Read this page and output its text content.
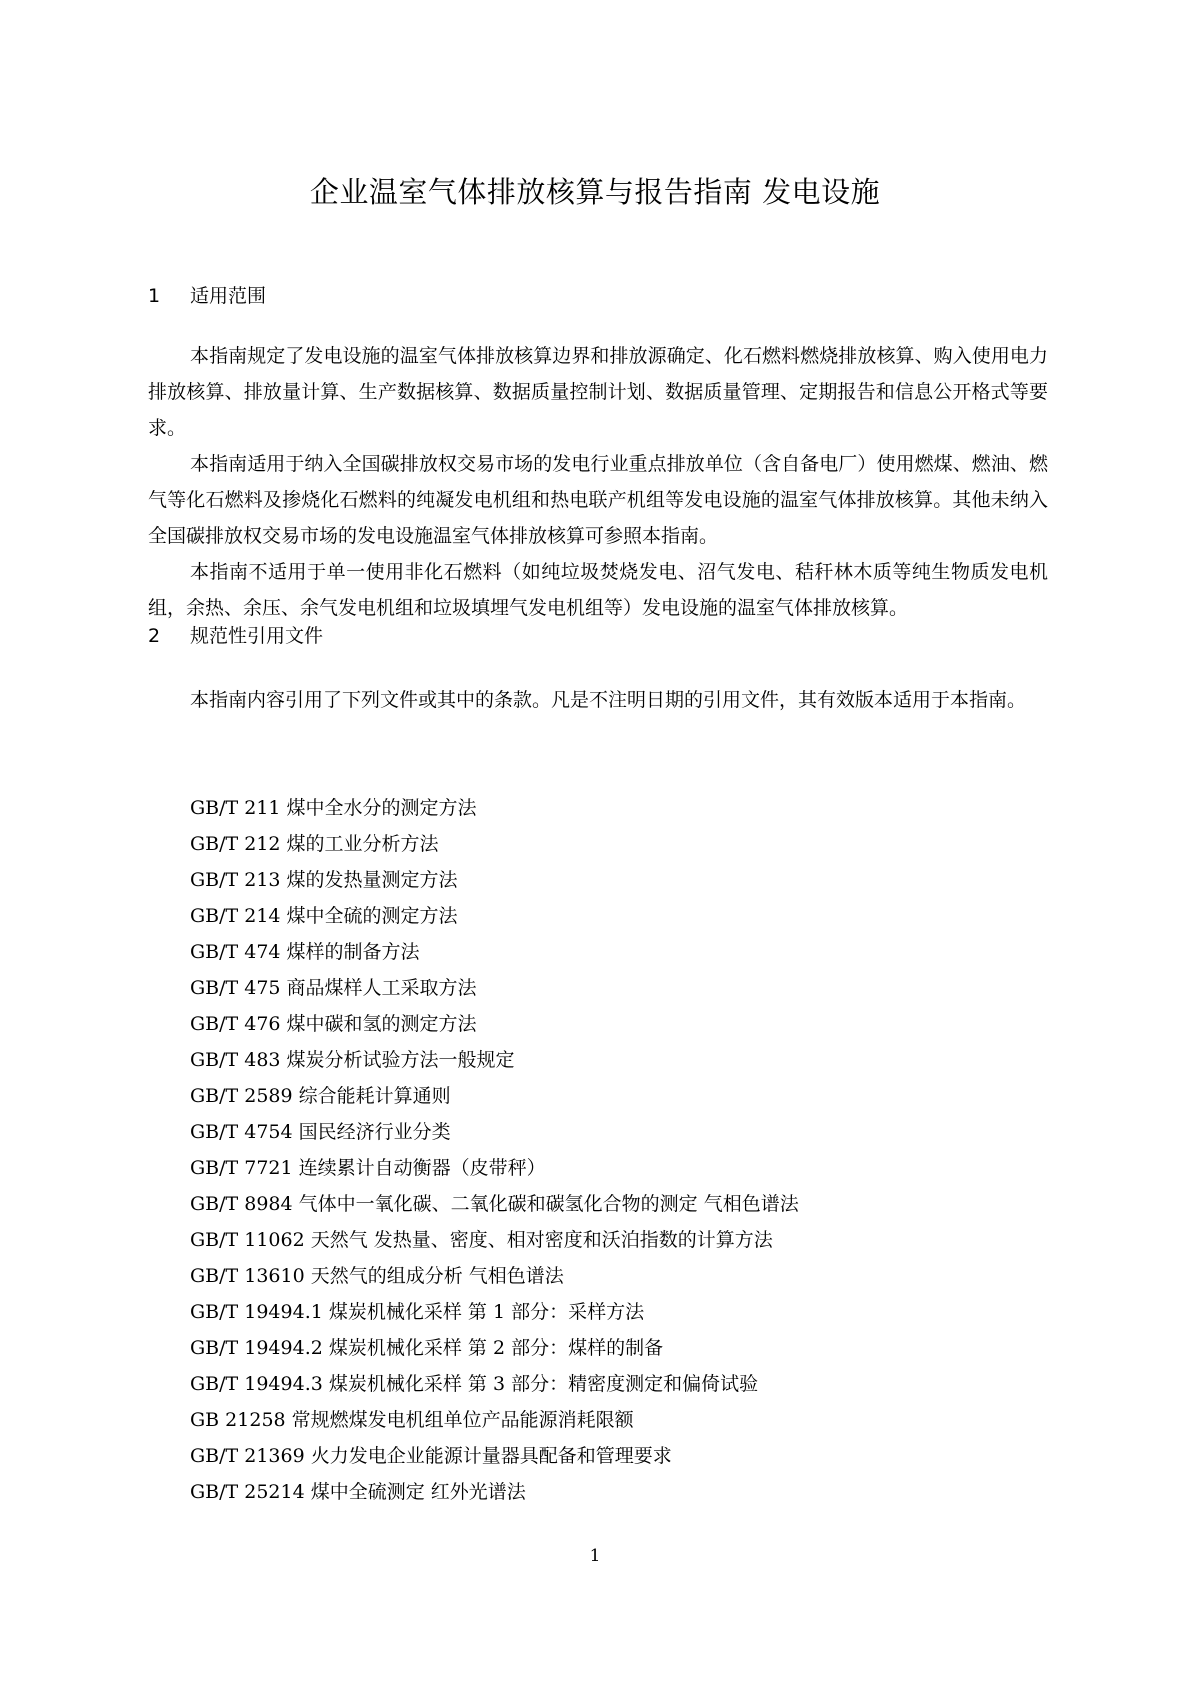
企业温室气体排放核算与报告指南 发电设施
1 适用范围
本指南规定了发电设施的温室气体排放核算边界和排放源确定、化石燃料燃烧排放核算、购入使用电力排放核算、排放量计算、生产数据核算、数据质量控制计划、数据质量管理、定期报告和信息公开格式等要求。
本指南适用于纳入全国碳排放权交易市场的发电行业重点排放单位（含自备电厂）使用燃煤、燃油、燃气等化石燃料及掺烧化石燃料的纯凝发电机组和热电联产机组等发电设施的温室气体排放核算。其他未纳入全国碳排放权交易市场的发电设施温室气体排放核算可参照本指南。
本指南不适用于单一使用非化石燃料（如纯垃圾焚烧发电、沼气发电、秸秆林木质等纯生物质发电机组，余热、余压、余气发电机组和垃圾填埋气发电机组等）发电设施的温室气体排放核算。
2 规范性引用文件
本指南内容引用了下列文件或其中的条款。凡是不注明日期的引用文件，其有效版本适用于本指南。
GB/T 211 煤中全水分的测定方法
GB/T 212 煤的工业分析方法
GB/T 213 煤的发热量测定方法
GB/T 214 煤中全硫的测定方法
GB/T 474 煤样的制备方法
GB/T 475 商品煤样人工采取方法
GB/T 476 煤中碳和氢的测定方法
GB/T 483 煤炭分析试验方法一般规定
GB/T 2589 综合能耗计算通则
GB/T 4754 国民经济行业分类
GB/T 7721 连续累计自动衡器（皮带秤）
GB/T 8984 气体中一氧化碳、二氧化碳和碳氢化合物的测定 气相色谱法
GB/T 11062 天然气 发热量、密度、相对密度和沃泊指数的计算方法
GB/T 13610 天然气的组成分析 气相色谱法
GB/T 19494.1 煤炭机械化采样 第 1 部分：采样方法
GB/T 19494.2 煤炭机械化采样 第 2 部分：煤样的制备
GB/T 19494.3 煤炭机械化采样 第 3 部分：精密度测定和偏倚试验
GB 21258 常规燃煤发电机组单位产品能源消耗限额
GB/T 21369 火力发电企业能源计量器具配备和管理要求
GB/T 25214 煤中全硫测定 红外光谱法
1
